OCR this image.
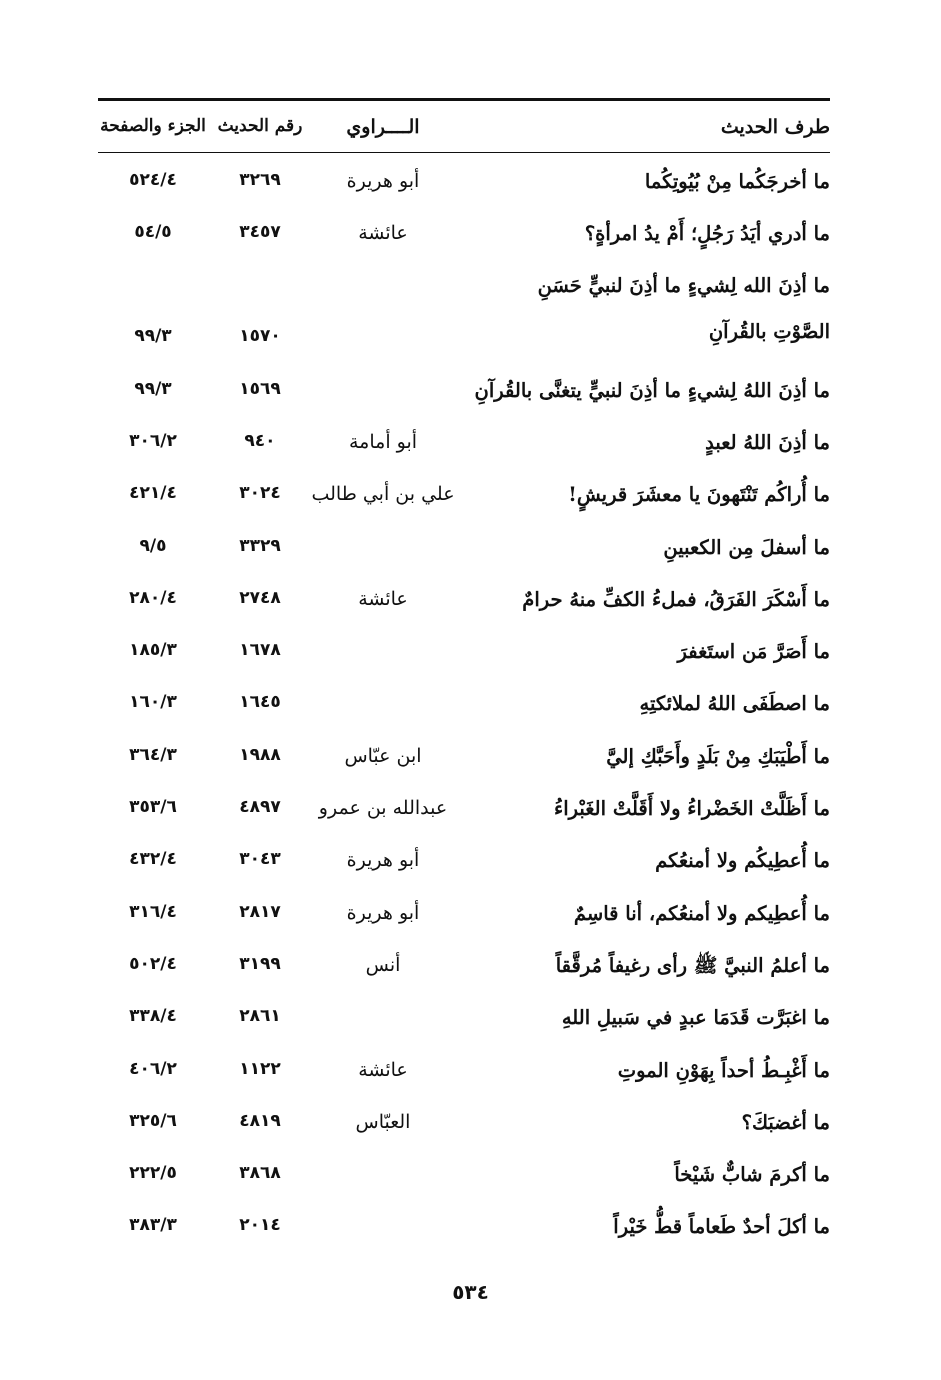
طرف الحديث
الــــراوي
رقم الحديث
الجزء والصفحة
ما أخرجَكُما مِنْ بُيُوتِكُما
أبو هريرة
٣٢٦٩
٥٢٤/٤
ما أدري أيَدُ رَجُلٍ؛ أَمْ يدُ امرأةٍ؟
عائشة
٣٤٥٧
٥٤/٥
ما أذِنَ الله لِشيءٍ ما أذِنَ لنبيٍّ حَسَنِ الصَّوْتِ بالقُرآنِ
١٥٧٠
٩٩/٣
ما أذِنَ اللهُ لِشيءٍ ما أذِنَ لنبيٍّ يتغنَّى بالقُرآنِ
١٥٦٩
٩٩/٣
ما أذِنَ اللهُ لعبدٍ
أبو أمامة
٩٤٠
٣٠٦/٢
ما أُراكُم تَنْتَهونَ يا معشَرَ قريشٍ!
علي بن أبي طالب
٣٠٢٤
٤٢١/٤
ما أسفلَ مِن الكعبينِ
٣٣٢٩
٩/٥
ما أَسْكَرَ الفَرَقُ، فملءُ الكفِّ منهُ حرامٌ
عائشة
٢٧٤٨
٢٨٠/٤
ما أَصَرَّ مَن استَغفرَ
١٦٧٨
١٨٥/٣
ما اصطَفَى اللهُ لملائكتِهِ
١٦٤٥
١٦٠/٣
ما أَطْيَبَكِ مِنْ بَلَدٍ وأَحَبَّكِ إليَّ
ابن عبّاس
١٩٨٨
٣٦٤/٣
ما أَظَلَّتْ الخَضْراءُ ولا أَقَلَّتْ الغَبْراءُ
عبدالله بن عمرو
٤٨٩٧
٣٥٣/٦
ما أُعطِيكُم ولا أمنعُكم
أبو هريرة
٣٠٤٣
٤٣٢/٤
ما أُعطِيكم ولا أمنعُكم، أنا قاسِمٌ
أبو هريرة
٢٨١٧
٣١٦/٤
ما أعلمُ النبيَّ ﷺ رأى رغيفاً مُرقَّقاً
أنس
٣١٩٩
٥٠٢/٤
ما اغبَرَّت قَدَمَا عبدٍ في سَبيلِ اللهِ
٢٨٦١
٣٣٨/٤
ما أَغْبِـطُ أحداً بِهَوْنِ الموتِ
عائشة
١١٢٢
٤٠٦/٢
ما أغضبَكَ؟
العبّاس
٤٨١٩
٣٢٥/٦
ما أكرمَ شابٌّ شَيْخاً
٣٨٦٨
٢٢٢/٥
ما أكلَ أحدٌ طَعاماً قطُّ خَيْراً
٢٠١٤
٣٨٣/٣
٥٣٤
